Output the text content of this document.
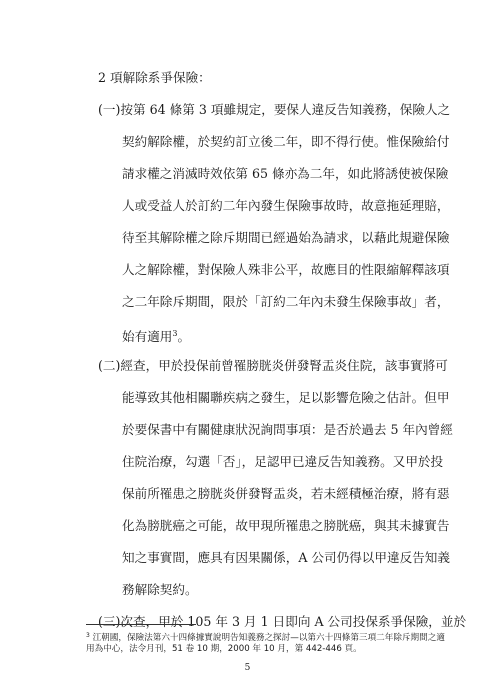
2 項解除系爭保險：
(一)按第 64 條第 3 項雖規定，要保人違反告知義務，保險人之
契約解除權，於契約訂立後二年，即不得行使。惟保險給付
請求權之消滅時效依第 65 條亦為二年，如此將誘使被保險
人或受益人於訂約二年內發生保險事故時，故意拖延理賠，
待至其解除權之除斥期間已經過始為請求，以藉此規避保險
人之解除權，對保險人殊非公平，故應目的性限縮解釋該項
之二年除斥期間，限於「訂約二年內未發生保險事故」者，
始有適用$^3$。
(二)經查，甲於投保前曾罹膀胱炎併發腎盂炎住院，該事實將可
能導致其他相關聯疾病之發生，足以影響危險之估計。但甲
於要保書中有關健康狀況詢問事項：是否於過去 5 年內曾經
住院治療，勾選「否」，足認甲已違反告知義務。又甲於投
保前所罹患之膀胱炎併發腎盂炎，若未經積極治療，將有惡
化為膀胱癌之可能，故甲現所罹患之膀胱癌，與其未據實告
知之事實間，應具有因果關係，A 公司仍得以甲違反告知義
務解除契約。
(三)次查，甲於 105 年 3 月 1 日即向 A 公司投保系爭保險，並於
$^3$ 江朝國，保險法第六十四條據實說明告知義務之探討—以第六十四條第三項二年除斥期間之適
用為中心，法令月刊，51 卷 10 期，2000 年 10 月，第 442-446 頁。
5
